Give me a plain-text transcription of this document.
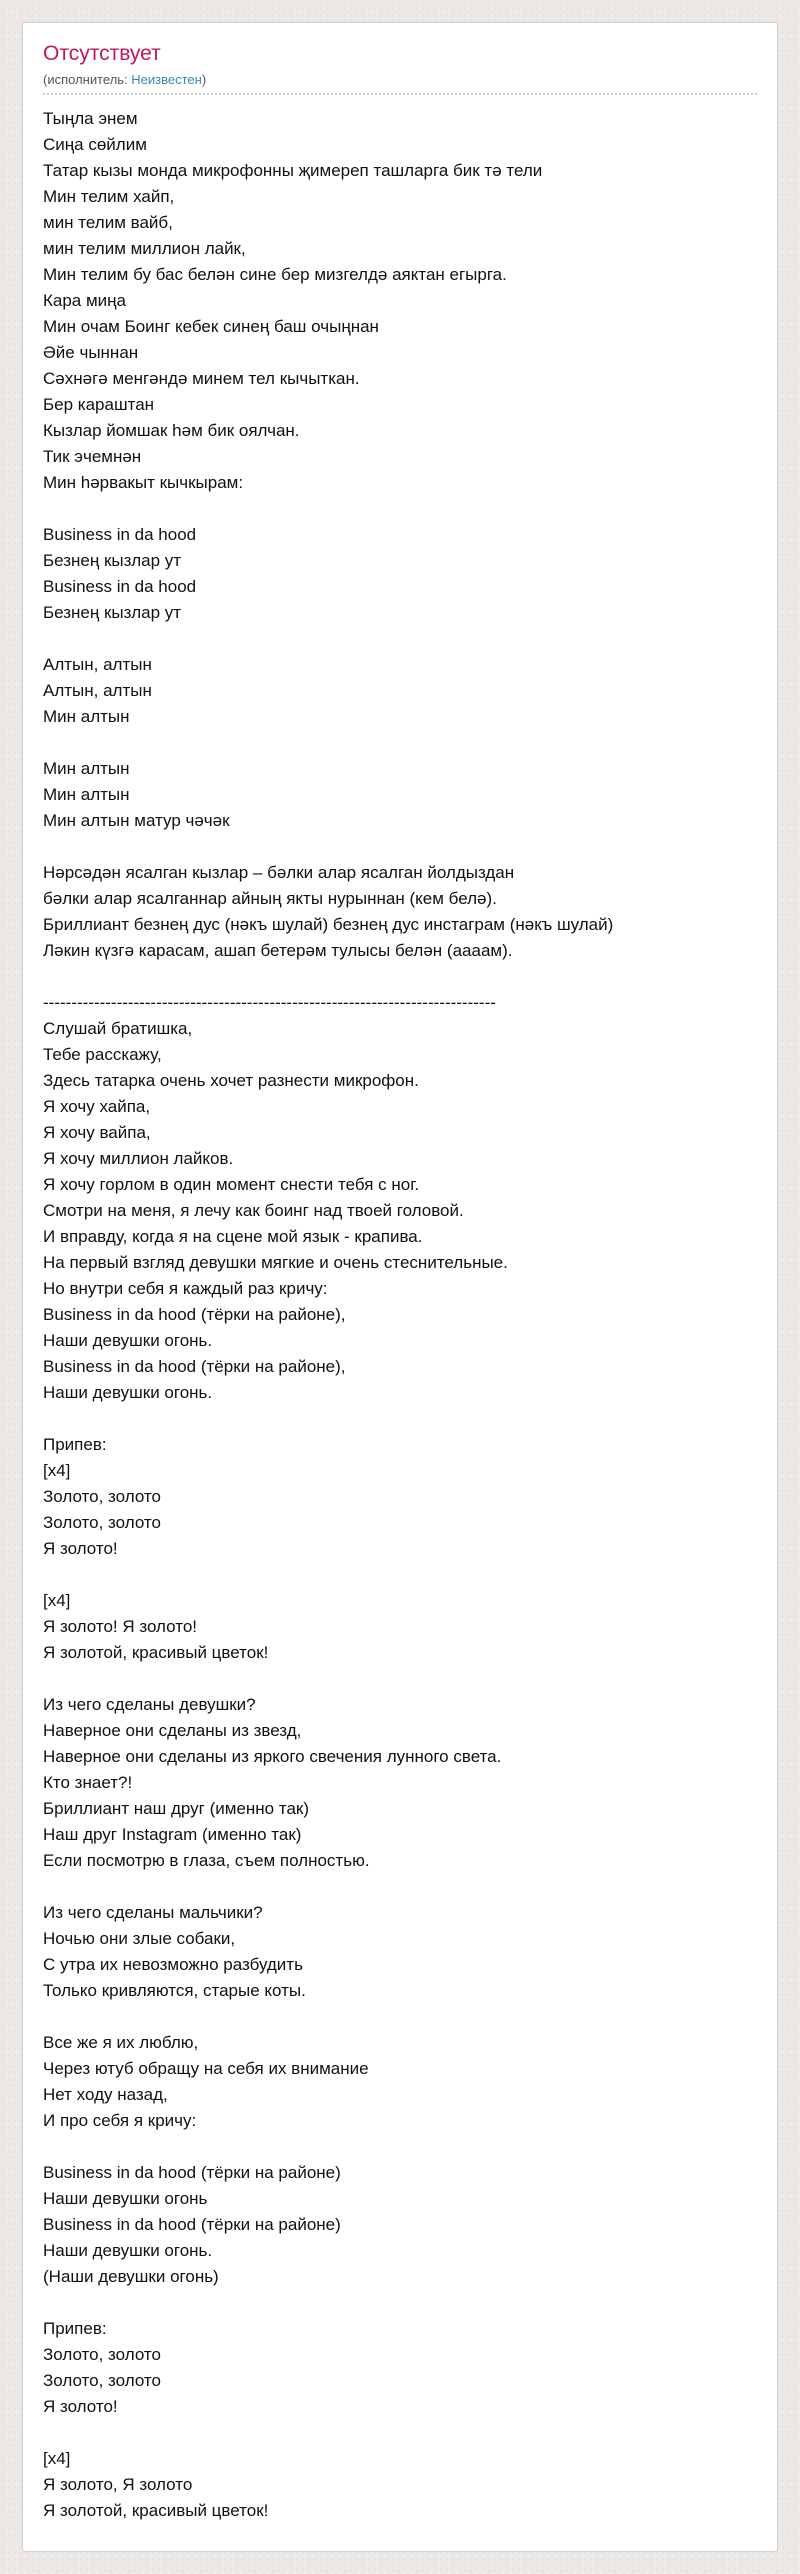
Отсутствует
(исполнитель: Неизвестен)
Тыңла энем
Сиңа сөйлим
Татар кызы монда микрофонны җимереп ташларга бик тә тели
Мин телим хайп,
мин телим вайб,
мин телим миллион лайк,
Мин телим бу бас белән сине бер мизгелдә аяктан егырга.
Кара миңа
Мин очам Боинг кебек синең баш очыңнан
Әйе чыннан
Сәхнәгә менгәндә минем тел кычыткан.
Бер караштан
Кызлар йомшак һәм бик оялчан.
Тик эчемнән
Мин һәрвакыт кычкырам:

Business in da hood
Безнең кызлар ут
Business in da hood
Безнең кызлар ут

Алтын, алтын
Алтын, алтын
Мин алтын

Мин алтын
Мин алтын
Мин алтын матур чәчәк

Нәрсәдән ясалган кызлар – бәлки алар ясалган йолдыздан
бәлки алар ясалганнар айның якты нурыннан (кем белә).
Бриллиант безнең дус (нәкъ шулай) безнең дус инстаграм (нәкъ шулай)
Ләкин күзгә карасам, ашап бетерәм тулысы белән (аааам).

--------------------------------------------------------------------------------
Слушай братишка,
Тебе расскажу,
Здесь татарка очень хочет разнести микрофон.
Я хочу хайпа,
Я хочу вайпа,
Я хочу миллион лайков.
Я хочу горлом в один момент снести тебя с ног.
Смотри на меня, я лечу как боинг над твоей головой.
И вправду, когда я на сцене мой язык - крапива.
На первый взгляд девушки мягкие и очень стеснительные.
Но внутри себя я каждый раз кричу:
Business in da hood (тёрки на районе),
Наши девушки огонь.
Business in da hood (тёрки на районе),
Наши девушки огонь.

Припев:
[x4]
Золото, золото
Золото, золото
Я золото!

[x4]
Я золото! Я золото!
Я золотой, красивый цветок!

Из чего сделаны девушки?
Наверное они сделаны из звезд,
Наверное они сделаны из яркого свечения лунного света.
Кто знает?!
Бриллиант наш друг (именно так)
Наш друг Instagram (именно так)
Если посмотрю в глаза, съем полностью.

Из чего сделаны мальчики?
Ночью они злые собаки,
С утра их невозможно разбудить
Только кривляются, старые коты.

Все же я их люблю,
Через ютуб обращу на себя их внимание
Нет ходу назад,
И про себя я кричу:

Business in da hood (тёрки на районе)
Наши девушки огонь
Business in da hood (тёрки на районе)
Наши девушки огонь.
(Наши девушки огонь)

Припев:
Золото, золото
Золото, золото
Я золото!

[x4]
Я золото, Я золото
Я золотой, красивый цветок!
